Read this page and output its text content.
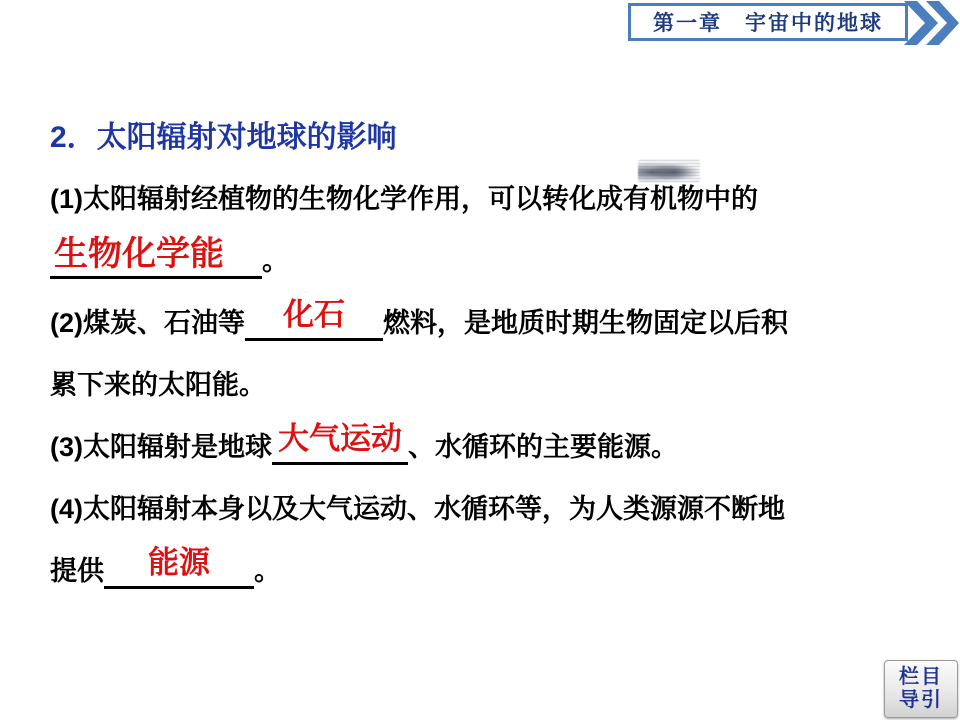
第一章　宇宙中的地球
2．太阳辐射对地球的影响
(1)太阳辐射经植物的生物化学作用，可以转化成有机物中的
生物化学能 。
(2)煤炭、石油等 化石 燃料，是地质时期生物固定以后积
累下来的太阳能。
(3)太阳辐射是地球 大气运动 、水循环的主要能源。
(4)太阳辐射本身以及大气运动、水循环等，为人类源源不断地
提供 能源 。
栏目
导引
